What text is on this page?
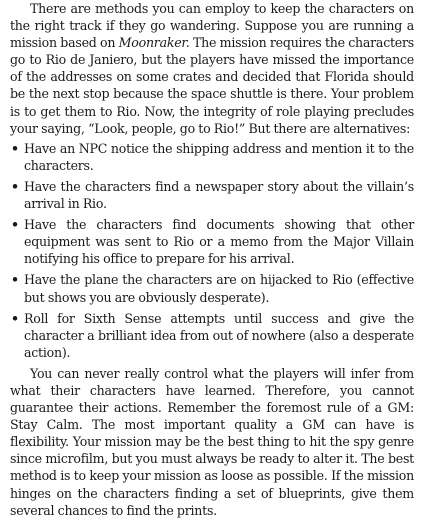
There are methods you can employ to keep the characters on the right track if they go wandering. Suppose you are running a mission based on Moonraker. The mission requires the characters go to Rio de Janiero, but the players have missed the importance of the addresses on some crates and decided that Florida should be the next stop because the space shuttle is there. Your problem is to get them to Rio. Now, the integrity of role playing precludes your saying, “Look, people, go to Rio!” But there are alternatives:

• Have an NPC notice the shipping address and mention it to the characters.
• Have the characters find a newspaper story about the villain’s arrival in Rio.
• Have the characters find documents showing that other equipment was sent to Rio or a memo from the Major Villain notifying his office to prepare for his arrival.
• Have the plane the characters are on hijacked to Rio (effective but shows you are obviously desperate).
• Roll for Sixth Sense attempts until success and give the character a brilliant idea from out of nowhere (also a desperate action).

You can never really control what the players will infer from what their characters have learned. Therefore, you cannot guarantee their actions. Remember the foremost rule of a GM: Stay Calm. The most important quality a GM can have is flexibility. Your mission may be the best thing to hit the spy genre since microfilm, but you must always be ready to alter it. The best method is to keep your mission as loose as possible. If the mission hinges on the characters finding a set of blueprints, give them several chances to find the prints.
